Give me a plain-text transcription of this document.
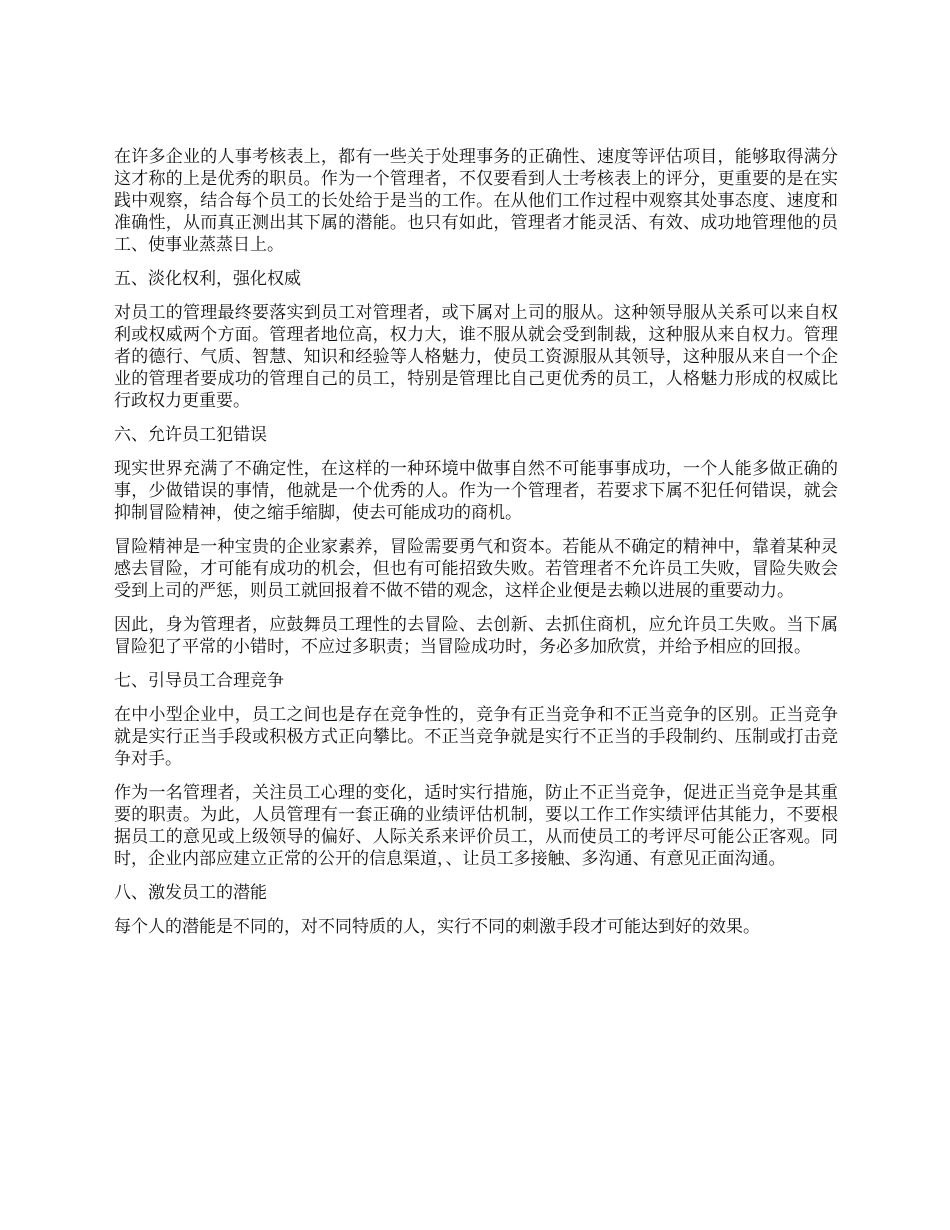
在许多企业的人事考核表上，都有一些关于处理事务的正确性、速度等评估项目，能够取得满分这才称的上是优秀的职员。作为一个管理者，不仅要看到人士考核表上的评分，更重要的是在实践中观察，结合每个员工的长处给于是当的工作。在从他们工作过程中观察其处事态度、速度和准确性，从而真正测出其下属的潜能。也只有如此，管理者才能灵活、有效、成功地管理他的员工、使事业蒸蒸日上。

五、淡化权利，强化权威

对员工的管理最终要落实到员工对管理者，或下属对上司的服从。这种领导服从关系可以来自权利或权威两个方面。管理者地位高，权力大，谁不服从就会受到制裁，这种服从来自权力。管理者的德行、气质、智慧、知识和经验等人格魅力，使员工资源服从其领导，这种服从来自一个企业的管理者要成功的管理自己的员工，特别是管理比自己更优秀的员工，人格魅力形成的权威比行政权力更重要。

六、允许员工犯错误

现实世界充满了不确定性，在这样的一种环境中做事自然不可能事事成功，一个人能多做正确的事，少做错误的事情，他就是一个优秀的人。作为一个管理者，若要求下属不犯任何错误，就会抑制冒险精神，使之缩手缩脚，使去可能成功的商机。

冒险精神是一种宝贵的企业家素养，冒险需要勇气和资本。若能从不确定的精神中，靠着某种灵感去冒险，才可能有成功的机会，但也有可能招致失败。若管理者不允许员工失败，冒险失败会受到上司的严惩，则员工就回报着不做不错的观念，这样企业便是去赖以进展的重要动力。

因此，身为管理者，应鼓舞员工理性的去冒险、去创新、去抓住商机，应允许员工失败。当下属冒险犯了平常的小错时，不应过多职责；当冒险成功时，务必多加欣赏，并给予相应的回报。

七、引导员工合理竞争

在中小型企业中，员工之间也是存在竞争性的，竞争有正当竞争和不正当竞争的区别。正当竞争就是实行正当手段或积极方式正向攀比。不正当竞争就是实行不正当的手段制约、压制或打击竞争对手。

作为一名管理者，关注员工心理的变化，适时实行措施，防止不正当竞争，促进正当竞争是其重要的职责。为此，人员管理有一套正确的业绩评估机制，要以工作工作实绩评估其能力，不要根据员工的意见或上级领导的偏好、人际关系来评价员工，从而使员工的考评尽可能公正客观。同时，企业内部应建立正常的公开的信息渠道，、让员工多接触、多沟通、有意见正面沟通。

八、激发员工的潜能

每个人的潜能是不同的，对不同特质的人，实行不同的刺激手段才可能达到好的效果。
